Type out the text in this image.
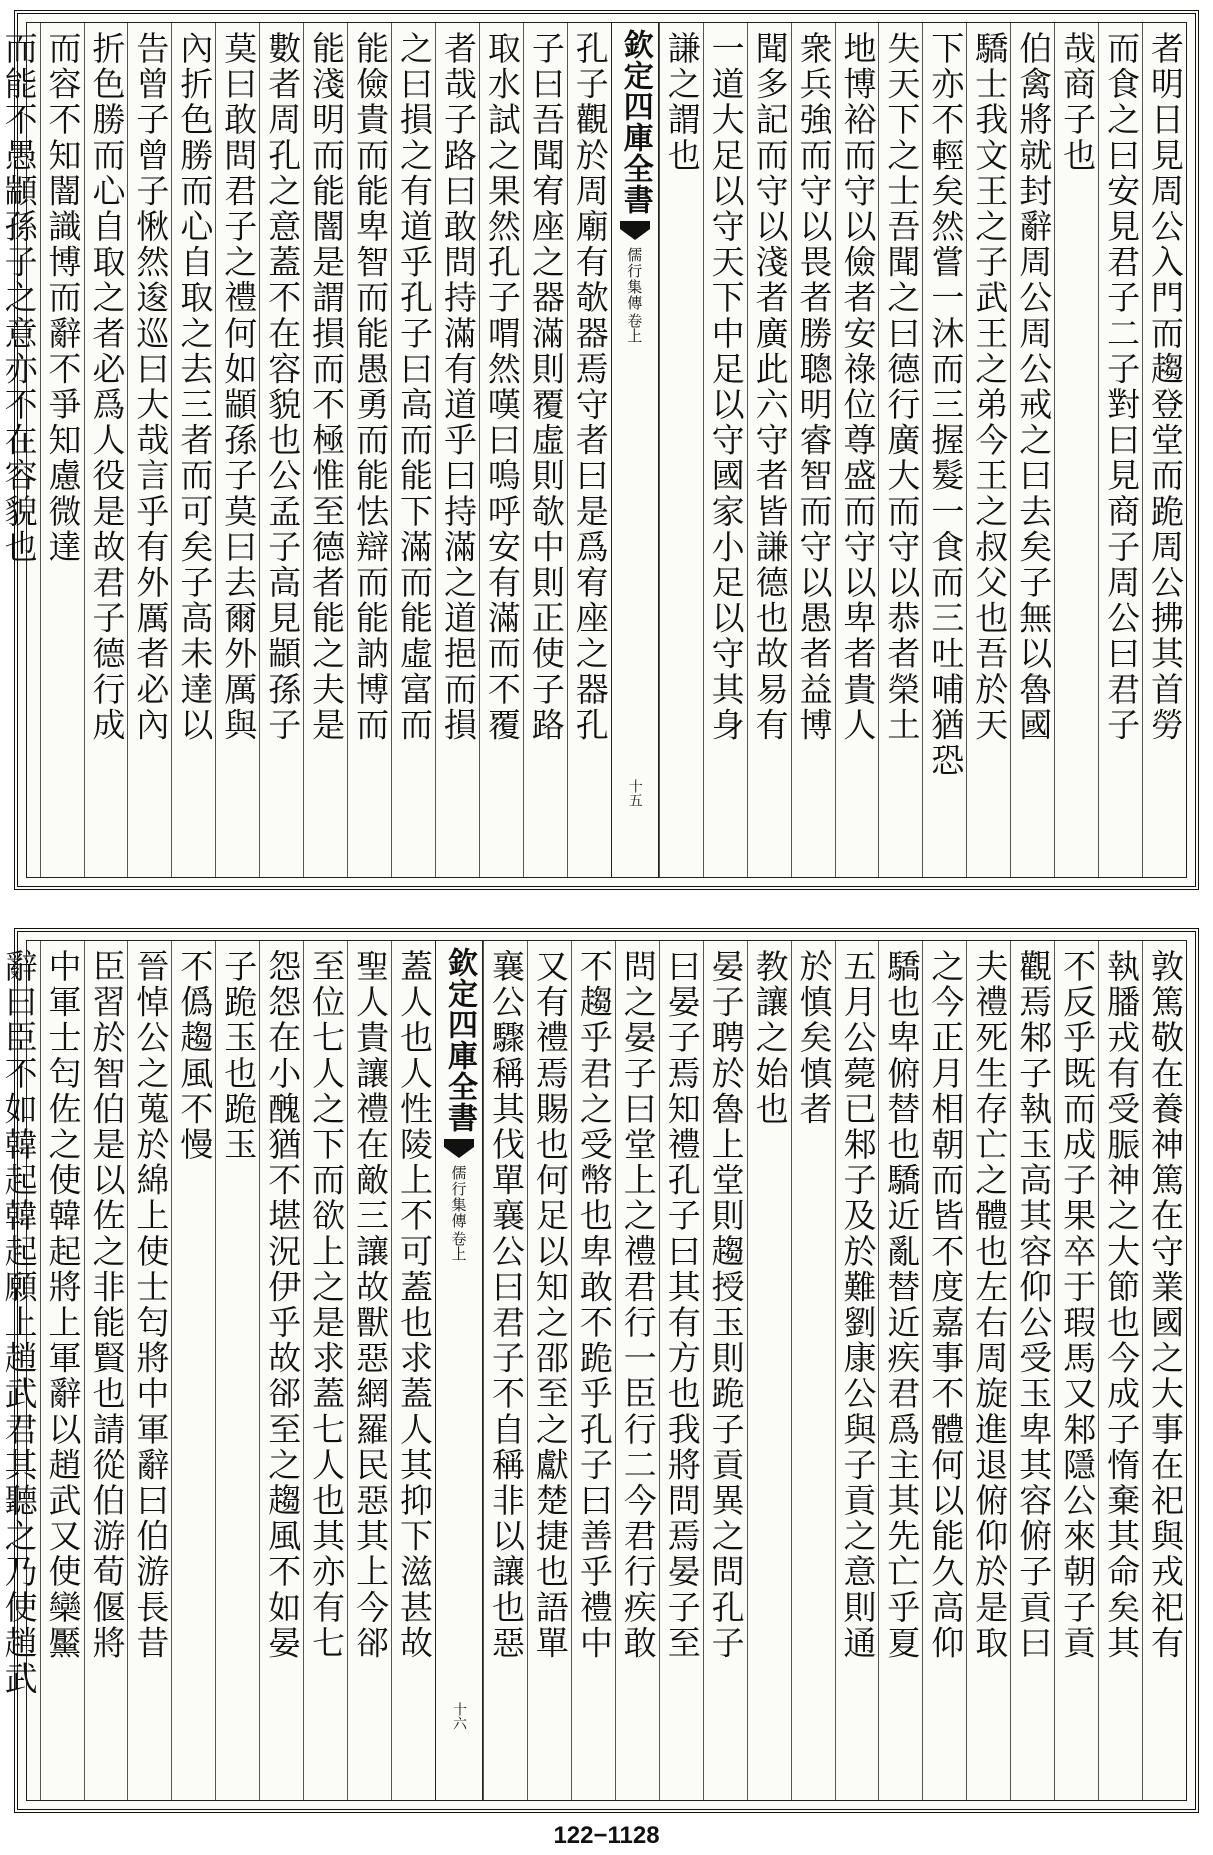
者明日見周公入門而趨登堂而跪周公拂其首勞
而食之曰安見君子二子對曰見商子周公曰君子
哉商子也
伯禽將就封辭周公周公戒之曰去矣子無以魯國
驕士我文王之子武王之弟今王之叔父也吾於天
下亦不輕矣然嘗一沐而三握髮一食而三吐哺猶恐
失天下之士吾聞之曰德行廣大而守以恭者榮土
地博裕而守以儉者安祿位尊盛而守以卑者貴人
衆兵強而守以畏者勝聰明睿智而守以愚者益博
聞多記而守以淺者廣此六守者皆謙德也故易有
一道大足以守天下中足以守國家小足以守其身
謙之謂也
欽定四庫全書
儒行集傳
卷上
十五
孔子觀於周廟有欹器焉守者曰是爲宥座之器孔
子曰吾聞宥座之器滿則覆虛則欹中則正使子路
取水試之果然孔子喟然嘆曰嗚呼安有滿而不覆
者哉子路曰敢問持滿有道乎曰持滿之道挹而損
之曰損之有道乎孔子曰高而能下滿而能虛富而
能儉貴而能卑智而能愚勇而能怯辯而能訥博而
能淺明而能闇是謂損而不極惟至德者能之夫是
數者周孔之意蓋不在容貌也公孟子高見顓孫子
莫曰敢問君子之禮何如顓孫子莫曰去爾外厲與
內折色勝而心自取之去三者而可矣子高未達以
告曾子曾子愀然逡巡曰大哉言乎有外厲者必內
折色勝而心自取之者必爲人役是故君子德行成
而容不知闇識博而辭不爭知慮微達
而能不愚顓孫子之意亦不在容貌也
敦篤敬在養神篤在守業國之大事在祀與戎祀有
執膰戎有受脤神之大節也今成子惰棄其命矣其
不反乎既而成子果卒于瑕馬又邾隱公來朝子貢
觀焉邾子執玉高其容仰公受玉卑其容俯子貢曰
夫禮死生存亡之體也左右周旋進退俯仰於是取
之今正月相朝而皆不度嘉事不體何以能久高仰
驕也卑俯替也驕近亂替近疾君爲主其先亡乎夏
五月公薨已邾子及於難劉康公與子貢之意則通
於慎矣慎者
教讓之始也
晏子聘於魯上堂則趨授玉則跪子貢異之問孔子
曰晏子焉知禮孔子曰其有方也我將問焉晏子至
問之晏子曰堂上之禮君行一臣行二今君行疾敢
不趨乎君之受幣也卑敢不跪乎孔子曰善乎禮中
又有禮焉賜也何足以知之邵至之獻楚捷也語單
襄公驟稱其伐單襄公曰君子不自稱非以讓也惡
欽定四庫全書
儒行集傳
卷上
十六
蓋人也人性陵上不可蓋也求蓋人其抑下滋甚故
聖人貴讓禮在敵三讓故獸惡網羅民惡其上今郤
至位七人之下而欲上之是求蓋七人也其亦有七
怨怨在小醜猶不堪況伊乎故郤至之趨風不如晏
子跪玉也跪玉
不僞趨風不慢
晉悼公之蒐於綿上使士匄將中軍辭曰伯游長昔
臣習於智伯是以佐之非能賢也請從伯游荀偃將
中軍士匄佐之使韓起將上軍辭以趙武又使欒黶
辭曰臣不如韓起韓起願上趙武君其聽之乃使趙武
122−1128
